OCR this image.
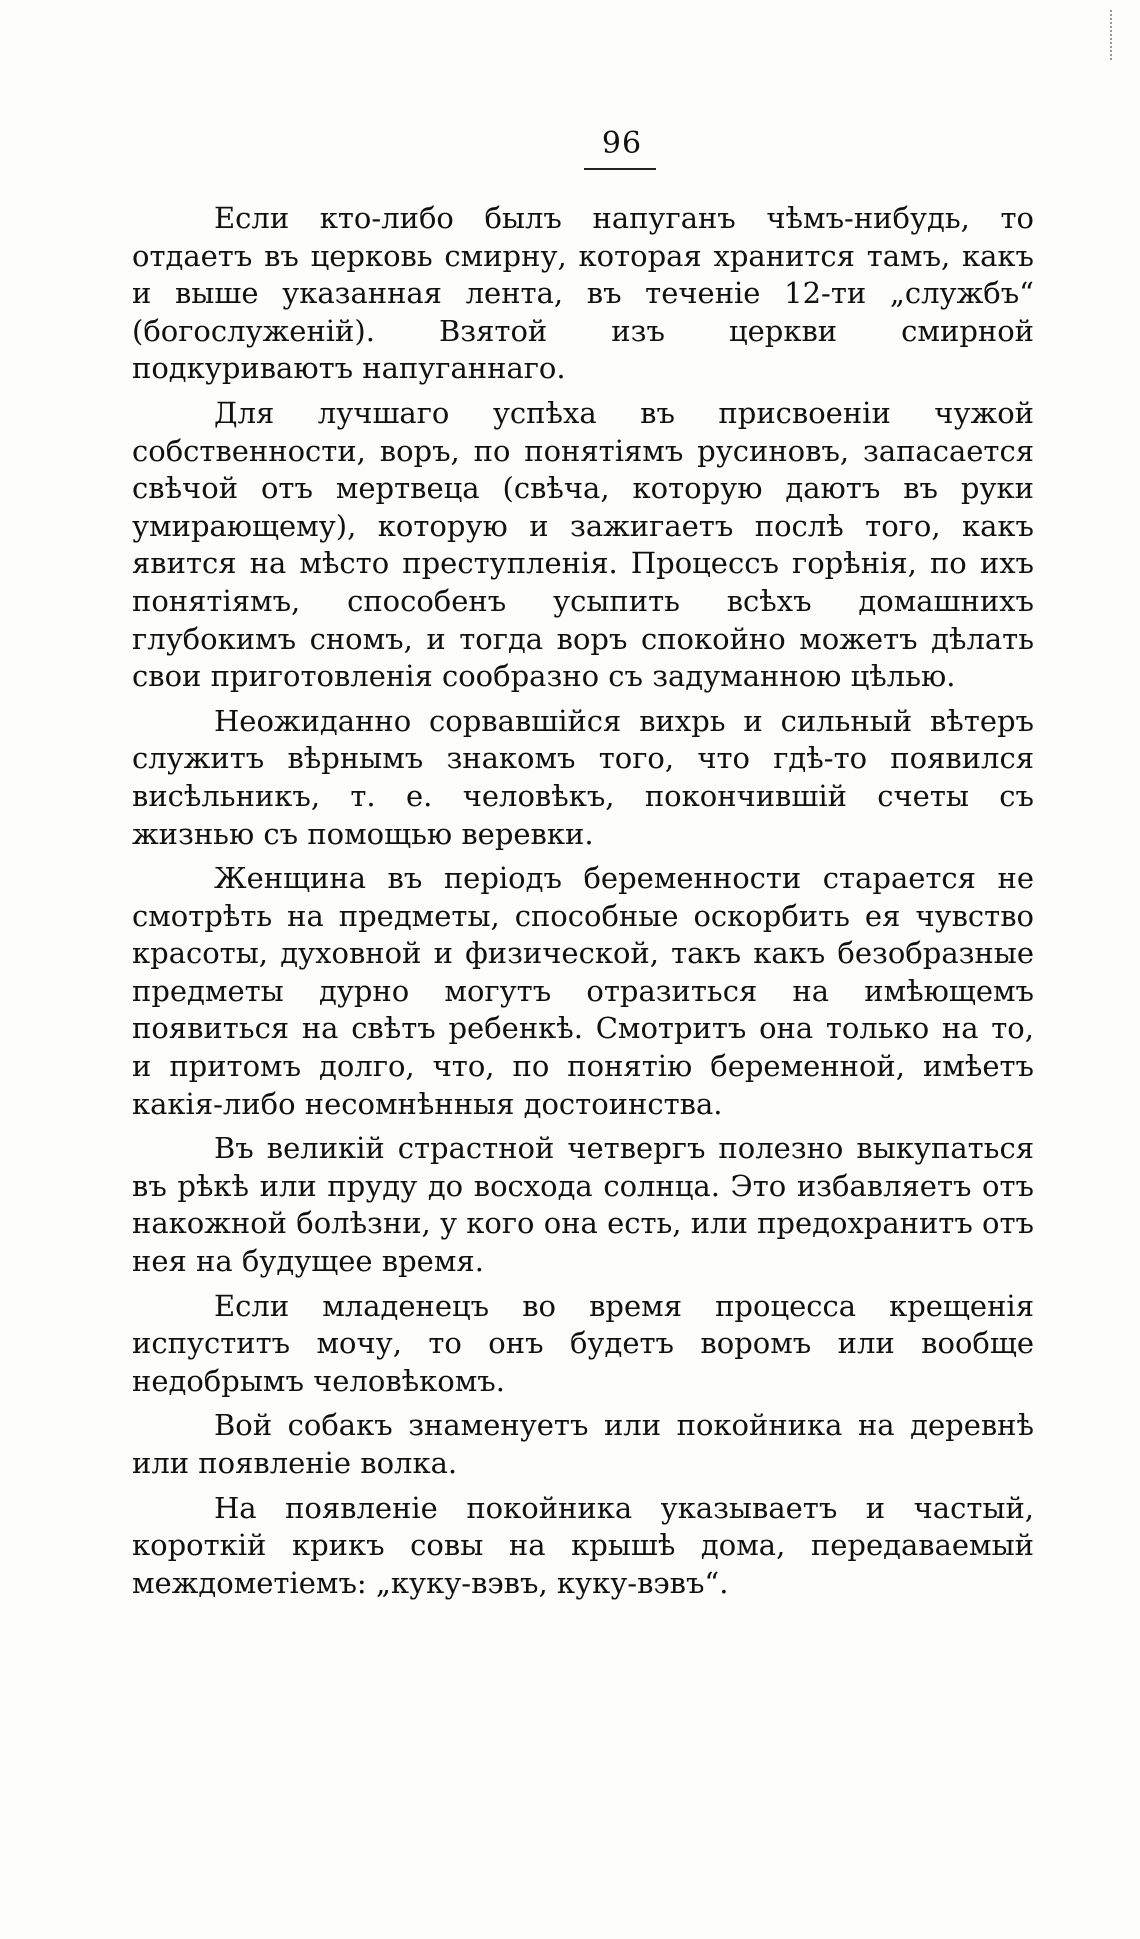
96

Если кто-либо былъ напуганъ чѣмъ-нибудь, то отдаетъ въ церковь смирну, которая хранится тамъ, какъ и выше указанная лента, въ теченіе 12-ти „службъ“ (богослуженій). Взятой изъ церкви смирной подкуриваютъ напуганнаго.

Для лучшаго успѣха въ присвоеніи чужой собственности, воръ, по понятіямъ русиновъ, запасается свѣчой отъ мертвеца (свѣча, которую даютъ въ руки умирающему), которую и зажигаетъ послѣ того, какъ явится на мѣсто преступленія. Процессъ горѣнія, по ихъ понятіямъ, способенъ усыпить всѣхъ домашнихъ глубокимъ сномъ, и тогда воръ спокойно можетъ дѣлать свои приготовленія сообразно съ задуманною цѣлью.

Неожиданно сорвавшійся вихрь и сильный вѣтеръ служитъ вѣрнымъ знакомъ того, что гдѣ-то появился висѣльникъ, т. е. человѣкъ, покончившій счеты съ жизнью съ помощью веревки.

Женщина въ періодъ беременности старается не смотрѣть на предметы, способные оскорбить ея чувство красоты, духовной и физической, такъ какъ безобразные предметы дурно могутъ отразиться на имѣющемъ появиться на свѣтъ ребенкѣ. Смотритъ она только на то, и притомъ долго, что, по понятію беременной, имѣетъ какія-либо несомнѣнныя достоинства.

Въ великій страстной четвергъ полезно выкупаться въ рѣкѣ или пруду до восхода солнца. Это избавляетъ отъ накожной болѣзни, у кого она есть, или предохранитъ отъ нея на будущее время.

Если младенецъ во время процесса крещенія испуститъ мочу, то онъ будетъ воромъ или вообще недобрымъ человѣкомъ.

Вой собакъ знаменуетъ или покойника на деревнѣ или появленіе волка.

На появленіе покойника указываетъ и частый, короткій крикъ совы на крышѣ дома, передаваемый междометіемъ: „куку-вэвъ, куку-вэвъ“.
